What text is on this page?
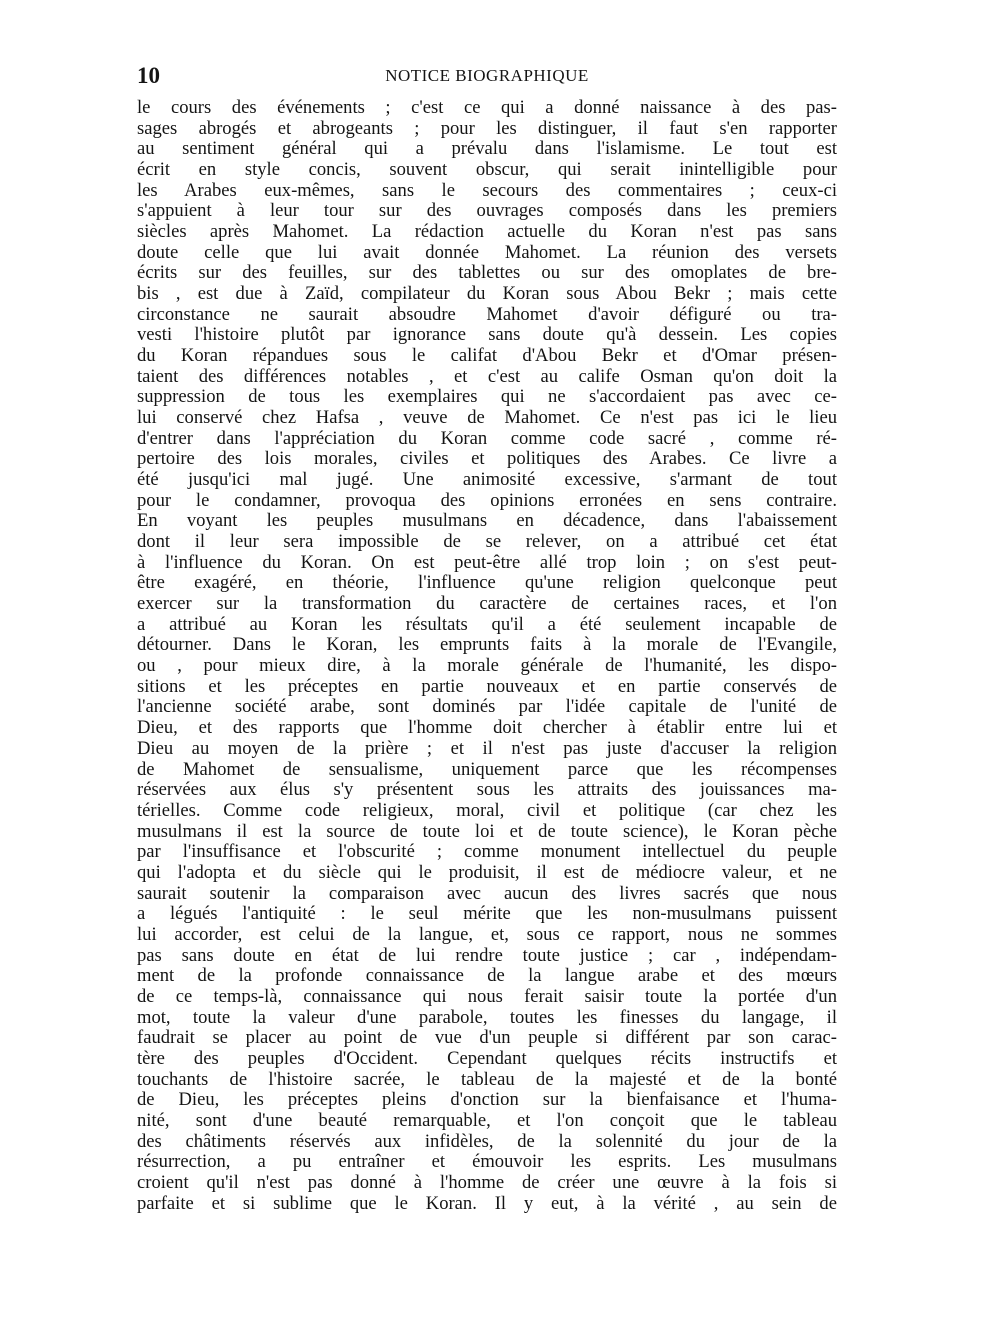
10	NOTICE BIOGRAPHIQUE
le cours des événements ; c'est ce qui a donné naissance à des pas-
sages abrogés et abrogeants ; pour les distinguer, il faut s'en rapporter
au sentiment général qui a prévalu dans l'islamisme. Le tout est
écrit en style concis, souvent obscur, qui serait inintelligible pour
les Arabes eux-mêmes, sans le secours des commentaires ; ceux-ci
s'appuient à leur tour sur des ouvrages composés dans les premiers
siècles après Mahomet. La rédaction actuelle du Koran n'est pas sans
doute celle que lui avait donnée Mahomet. La réunion des versets
écrits sur des feuilles, sur des tablettes ou sur des omoplates de bre-
bis , est due à Zaïd, compilateur du Koran sous Abou Bekr ; mais cette
circonstance ne saurait absoudre Mahomet d'avoir défiguré ou tra-
vesti l'histoire plutôt par ignorance sans doute qu'à dessein. Les copies
du Koran répandues sous le califat d'Abou Bekr et d'Omar présen-
taient des différences notables , et c'est au calife Osman qu'on doit la
suppression de tous les exemplaires qui ne s'accordaient pas avec ce-
lui conservé chez Hafsa , veuve de Mahomet. Ce n'est pas ici le lieu
d'entrer dans l'appréciation du Koran comme code sacré , comme ré-
pertoire des lois morales, civiles et politiques des Arabes. Ce livre a
été jusqu'ici mal jugé. Une animosité excessive, s'armant de tout
pour le condamner, provoqua des opinions erronées en sens contraire.
En voyant les peuples musulmans en décadence, dans l'abaissement
dont il leur sera impossible de se relever, on a attribué cet état
à l'influence du Koran. On est peut-être allé trop loin ; on s'est peut-
être exagéré, en théorie, l'influence qu'une religion quelconque peut
exercer sur la transformation du caractère de certaines races, et l'on
a attribué au Koran les résultats qu'il a été seulement incapable de
détourner. Dans le Koran, les emprunts faits à la morale de l'Evangile,
ou , pour mieux dire, à la morale générale de l'humanité, les dispo-
sitions et les préceptes en partie nouveaux et en partie conservés de
l'ancienne société arabe, sont dominés par l'idée capitale de l'unité de
Dieu, et des rapports que l'homme doit chercher à établir entre lui et
Dieu au moyen de la prière ; et il n'est pas juste d'accuser la religion
de Mahomet de sensualisme, uniquement parce que les récompenses
réservées aux élus s'y présentent sous les attraits des jouissances ma-
térielles. Comme code religieux, moral, civil et politique (car chez les
musulmans il est la source de toute loi et de toute science), le Koran pèche
par l'insuffisance et l'obscurité ; comme monument intellectuel du peuple
qui l'adopta et du siècle qui le produisit, il est de médiocre valeur, et ne
saurait soutenir la comparaison avec aucun des livres sacrés que nous
a légués l'antiquité : le seul mérite que les non-musulmans puissent
lui accorder, est celui de la langue, et, sous ce rapport, nous ne sommes
pas sans doute en état de lui rendre toute justice ; car , indépendam-
ment de la profonde connaissance de la langue arabe et des mœurs
de ce temps-là, connaissance qui nous ferait saisir toute la portée d'un
mot, toute la valeur d'une parabole, toutes les finesses du langage, il
faudrait se placer au point de vue d'un peuple si différent par son carac-
tère des peuples d'Occident. Cependant quelques récits instructifs et
touchants de l'histoire sacrée, le tableau de la majesté et de la bonté
de Dieu, les préceptes pleins d'onction sur la bienfaisance et l'huma-
nité, sont d'une beauté remarquable, et l'on conçoit que le tableau
des châtiments réservés aux infidèles, de la solennité du jour de la
résurrection, a pu entraîner et émouvoir les esprits. Les musulmans
croient qu'il n'est pas donné à l'homme de créer une œuvre à la fois si
parfaite et si sublime que le Koran. Il y eut, à la vérité , au sein de
